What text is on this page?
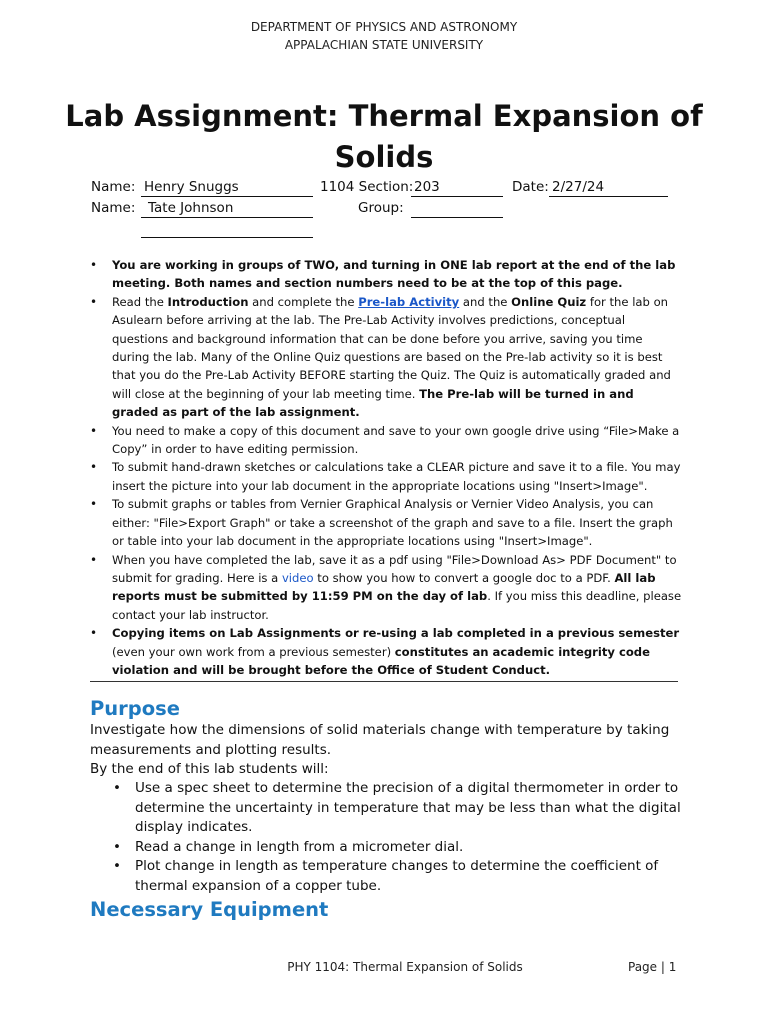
DEPARTMENT OF PHYSICS AND ASTRONOMY
APPALACHIAN STATE UNIVERSITY
Lab Assignment: Thermal Expansion of Solids
Name: Henry Snuggs	1104 Section: 203	Date: 2/27/24
Name: Tate Johnson	Group:
• You are working in groups of TWO, and turning in ONE lab report at the end of the lab meeting. Both names and section numbers need to be at the top of this page.
• Read the Introduction and complete the Pre-lab Activity and the Online Quiz for the lab on Asulearn before arriving at the lab. The Pre-Lab Activity involves predictions, conceptual questions and background information that can be done before you arrive, saving you time during the lab. Many of the Online Quiz questions are based on the Pre-lab activity so it is best that you do the Pre-Lab Activity BEFORE starting the Quiz. The Quiz is automatically graded and will close at the beginning of your lab meeting time. The Pre-lab will be turned in and graded as part of the lab assignment.
• You need to make a copy of this document and save to your own google drive using “File>Make a Copy” in order to have editing permission.
• To submit hand-drawn sketches or calculations take a CLEAR picture and save it to a file. You may insert the picture into your lab document in the appropriate locations using "Insert>Image".
• To submit graphs or tables from Vernier Graphical Analysis or Vernier Video Analysis, you can either: "File>Export Graph" or take a screenshot of the graph and save to a file. Insert the graph or table into your lab document in the appropriate locations using "Insert>Image".
• When you have completed the lab, save it as a pdf using "File>Download As> PDF Document" to submit for grading. Here is a video to show you how to convert a google doc to a PDF. All lab reports must be submitted by 11:59 PM on the day of lab. If you miss this deadline, please contact your lab instructor.
• Copying items on Lab Assignments or re-using a lab completed in a previous semester (even your own work from a previous semester) constitutes an academic integrity code violation and will be brought before the Office of Student Conduct.
Purpose
Investigate how the dimensions of solid materials change with temperature by taking measurements and plotting results.
By the end of this lab students will:
• Use a spec sheet to determine the precision of a digital thermometer in order to determine the uncertainty in temperature that may be less than what the digital display indicates.
• Read a change in length from a micrometer dial.
• Plot change in length as temperature changes to determine the coefficient of thermal expansion of a copper tube.
Necessary Equipment
PHY 1104: Thermal Expansion of Solids	Page | 1
